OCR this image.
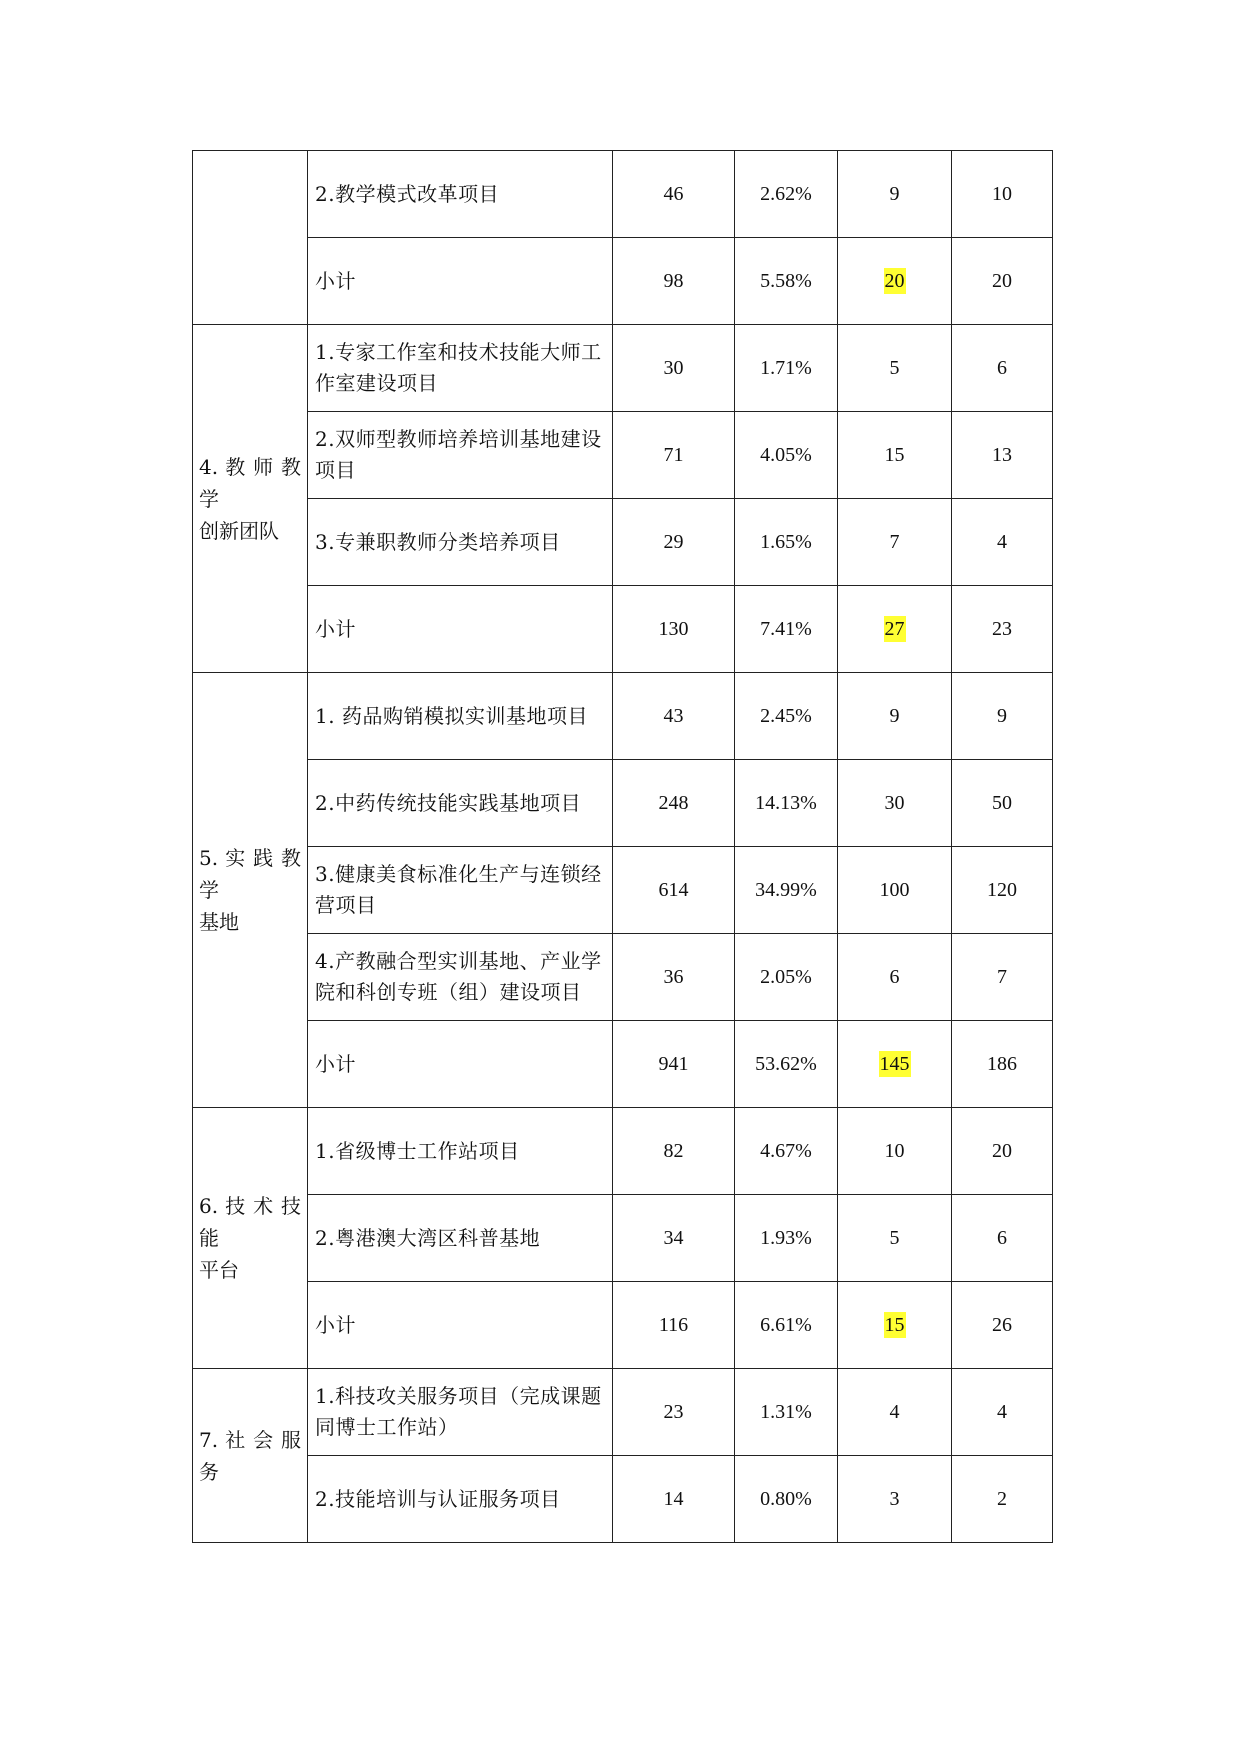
	2.教学模式改革项目	46	2.62%	9	10
	小计	98	5.58%	20	20

4. 教 师 教
学
创新团队	1.专家工作室和技术技能大师工作室建设项目	30	1.71%	5	6
	2.双师型教师培养培训基地建设项目	71	4.05%	15	13
	3.专兼职教师分类培养项目	29	1.65%	7	4
	小计	130	7.41%	27	23

5. 实 践 教
学
基地	1. 药品购销模拟实训基地项目	43	2.45%	9	9
	2.中药传统技能实践基地项目	248	14.13%	30	50
	3.健康美食标准化生产与连锁经营项目	614	34.99%	100	120
	4.产教融合型实训基地、产业学院和科创专班（组）建设项目	36	2.05%	6	7
	小计	941	53.62%	145	186

6. 技 术 技
能
平台	1.省级博士工作站项目	82	4.67%	10	20
	2.粤港澳大湾区科普基地	34	1.93%	5	6
	小计	116	6.61%	15	26

7. 社 会 服
务	1.科技攻关服务项目（完成课题同博士工作站）	23	1.31%	4	4
	2.技能培训与认证服务项目	14	0.80%	3	2
